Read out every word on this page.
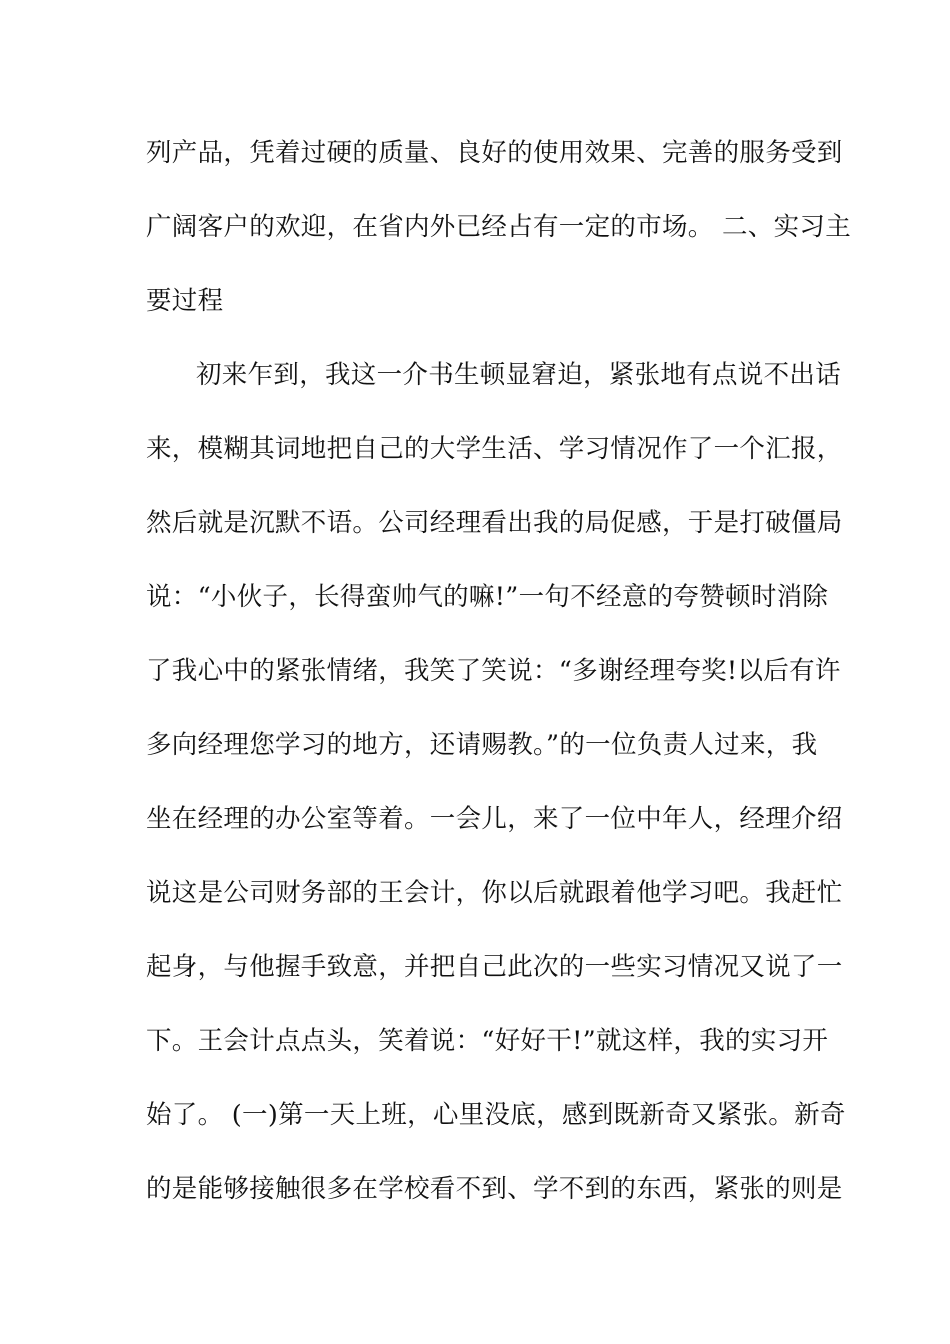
列产品，凭着过硬的质量、良好的使用效果、完善的服务受到
广阔客户的欢迎，在省内外已经占有一定的市场。 二、实习主
要过程
初来乍到，我这一介书生顿显窘迫，紧张地有点说不出话
来，模糊其词地把自己的大学生活、学习情况作了一个汇报，
然后就是沉默不语。公司经理看出我的局促感，于是打破僵局
说：“小伙子，长得蛮帅气的嘛!”一句不经意的夸赞顿时消除
了我心中的紧张情绪，我笑了笑说：“多谢经理夸奖!以后有许
多向经理您学习的地方，还请赐教。”的一位负责人过来，我
坐在经理的办公室等着。一会儿，来了一位中年人，经理介绍
说这是公司财务部的王会计，你以后就跟着他学习吧。我赶忙
起身，与他握手致意，并把自己此次的一些实习情况又说了一
下。王会计点点头，笑着说：“好好干!”就这样，我的实习开
始了。 (一)第一天上班，心里没底，感到既新奇又紧张。新奇
的是能够接触很多在学校看不到、学不到的东西，紧张的则是
